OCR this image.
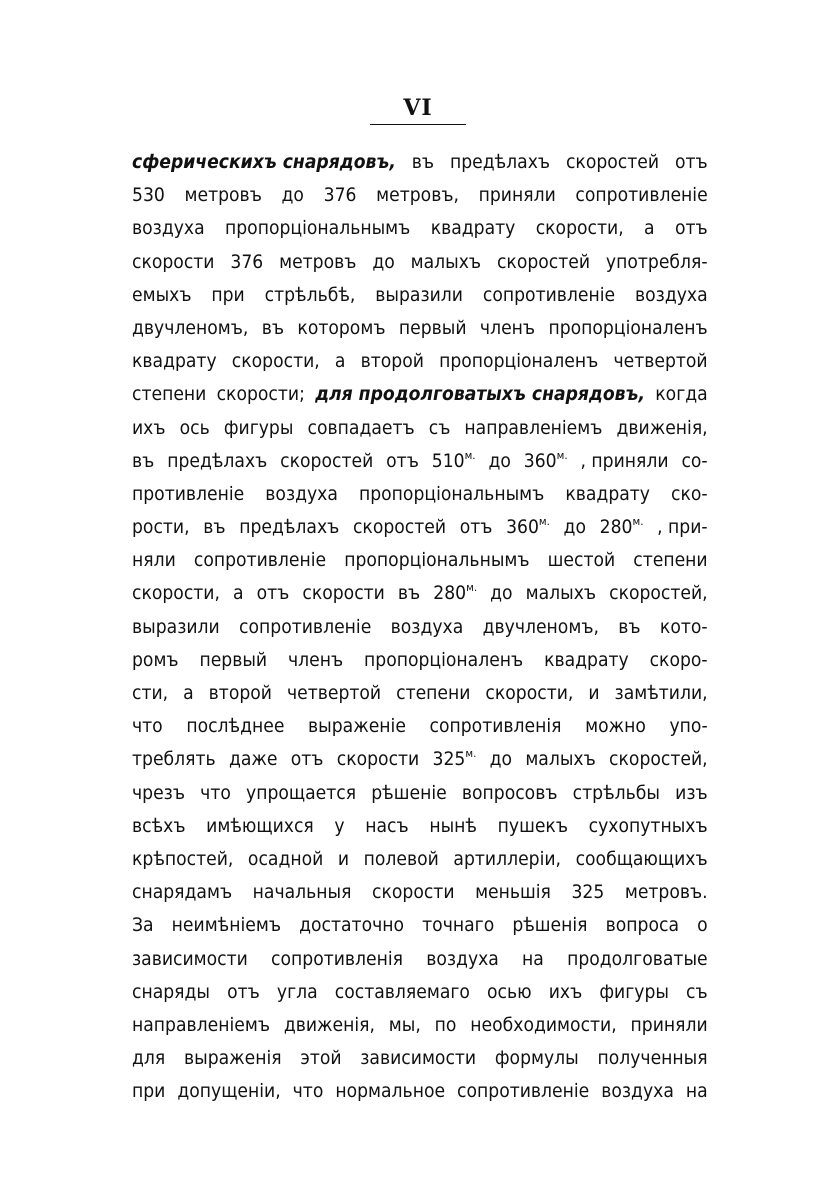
VI
сферическихъ снарядовъ, въ предѣлахъ скоростей отъ
530 метровъ до 376 метровъ, приняли сопротивленіе
воздуха пропорціональнымъ квадрату скорости, а отъ
скорости 376 метровъ до малыхъ скоростей употребля-
емыхъ при стрѣльбѣ, выразили сопротивленіе воздуха
двучленомъ, въ которомъ первый членъ пропорціоналенъ
квадрату скорости, а второй пропорціоналенъ четвертой
степени скорости; для продолговатыхъ снарядовъ, когда
ихъ ось фигуры совпадаетъ съ направленіемъ движенія,
въ предѣлахъ скоростей отъ $510^{м.}$ до $360^{м.}$ , приняли со-
противленіе воздуха пропорціональнымъ квадрату ско-
рости, въ предѣлахъ скоростей отъ $360^{м.}$ до $280^{м.}$ , при-
няли сопротивленіе пропорціональнымъ шестой степени
скорости, а отъ скорости въ $280^{м.}$ до малыхъ скоростей,
выразили сопротивленіе воздуха двучленомъ, въ кото-
ромъ первый членъ пропорціоналенъ квадрату скоро-
сти, а второй четвертой степени скорости, и замѣтили,
что послѣднее выраженіе сопротивленія можно упо-
треблять даже отъ скорости $325^{м.}$ до малыхъ скоростей,
чрезъ что упрощается рѣшеніе вопросовъ стрѣльбы изъ
всѣхъ имѣющихся у насъ нынѣ пушекъ сухопутныхъ
крѣпостей, осадной и полевой артиллеріи, сообщающихъ
снарядамъ начальныя скорости меньшія 325 метровъ.
За неимѣніемъ достаточно точнаго рѣшенія вопроса о
зависимости сопротивленія воздуха на продолговатые
снаряды отъ угла составляемаго осью ихъ фигуры съ
направленіемъ движенія, мы, по необходимости, приняли
для выраженія этой зависимости формулы полученныя
при допущеніи, что нормальное сопротивленіе воздуха на
